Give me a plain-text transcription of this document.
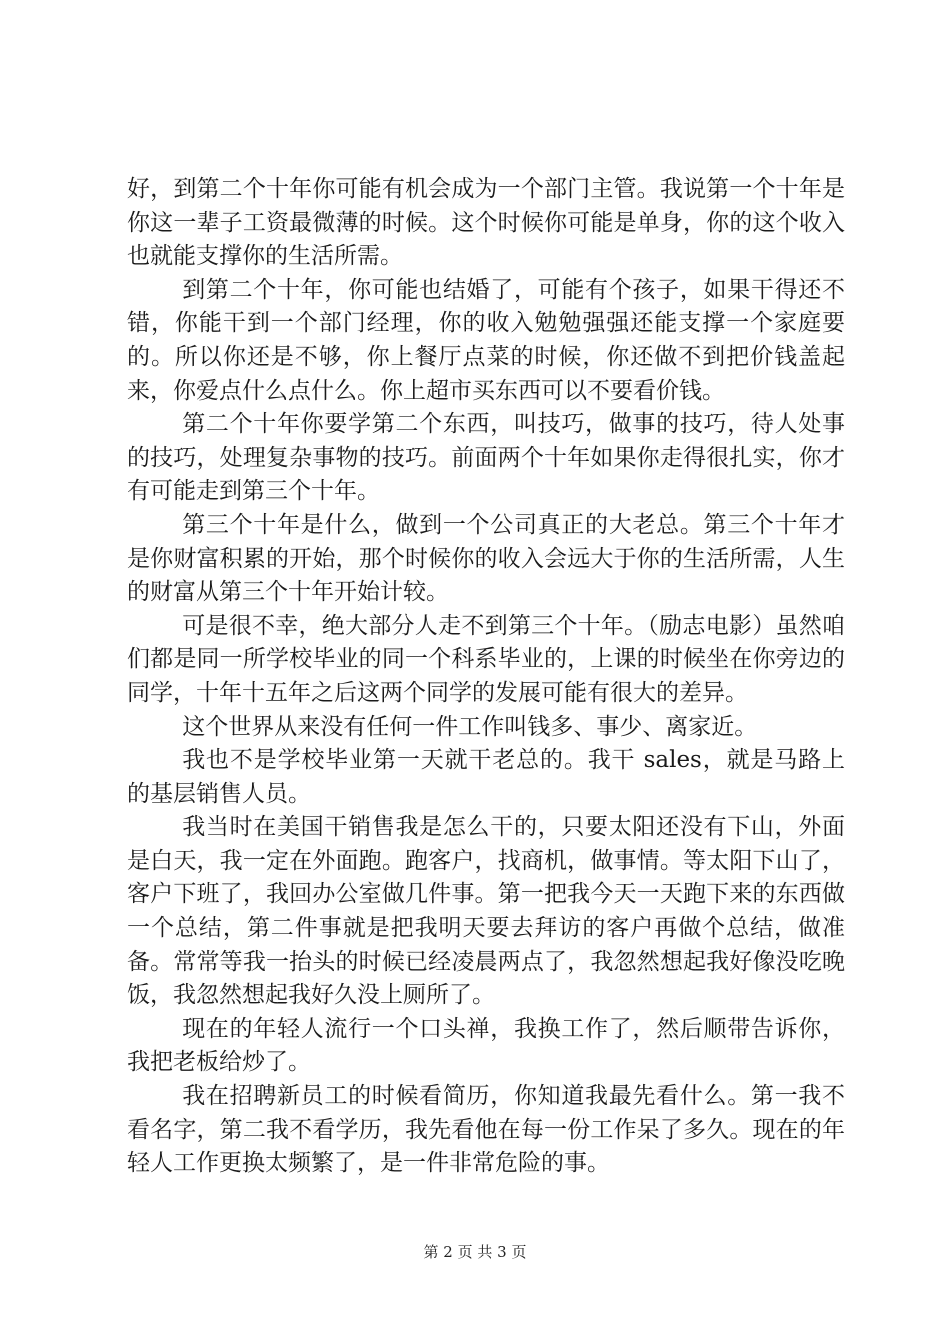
好，到第二个十年你可能有机会成为一个部门主管。我说第一个十年是你这一辈子工资最微薄的时候。这个时候你可能是单身，你的这个收入也就能支撑你的生活所需。

到第二个十年，你可能也结婚了，可能有个孩子，如果干得还不错，你能干到一个部门经理，你的收入勉勉强强还能支撑一个家庭要的。所以你还是不够，你上餐厅点菜的时候，你还做不到把价钱盖起来，你爱点什么点什么。你上超市买东西可以不要看价钱。

第二个十年你要学第二个东西，叫技巧，做事的技巧，待人处事的技巧，处理复杂事物的技巧。前面两个十年如果你走得很扎实，你才有可能走到第三个十年。

第三个十年是什么，做到一个公司真正的大老总。第三个十年才是你财富积累的开始，那个时候你的收入会远大于你的生活所需，人生的财富从第三个十年开始计较。

可是很不幸，绝大部分人走不到第三个十年。（励志电影）虽然咱们都是同一所学校毕业的同一个科系毕业的，上课的时候坐在你旁边的同学，十年十五年之后这两个同学的发展可能有很大的差异。

这个世界从来没有任何一件工作叫钱多、事少、离家近。

我也不是学校毕业第一天就干老总的。我干 sales，就是马路上的基层销售人员。

我当时在美国干销售我是怎么干的，只要太阳还没有下山，外面是白天，我一定在外面跑。跑客户，找商机，做事情。等太阳下山了，客户下班了，我回办公室做几件事。第一把我今天一天跑下来的东西做一个总结，第二件事就是把我明天要去拜访的客户再做个总结，做准备。常常等我一抬头的时候已经凌晨两点了，我忽然想起我好像没吃晚饭，我忽然想起我好久没上厕所了。

现在的年轻人流行一个口头禅，我换工作了，然后顺带告诉你，我把老板给炒了。

我在招聘新员工的时候看简历，你知道我最先看什么。第一我不看名字，第二我不看学历，我先看他在每一份工作呆了多久。现在的年轻人工作更换太频繁了，是一件非常危险的事。

第 2 页 共 3 页
